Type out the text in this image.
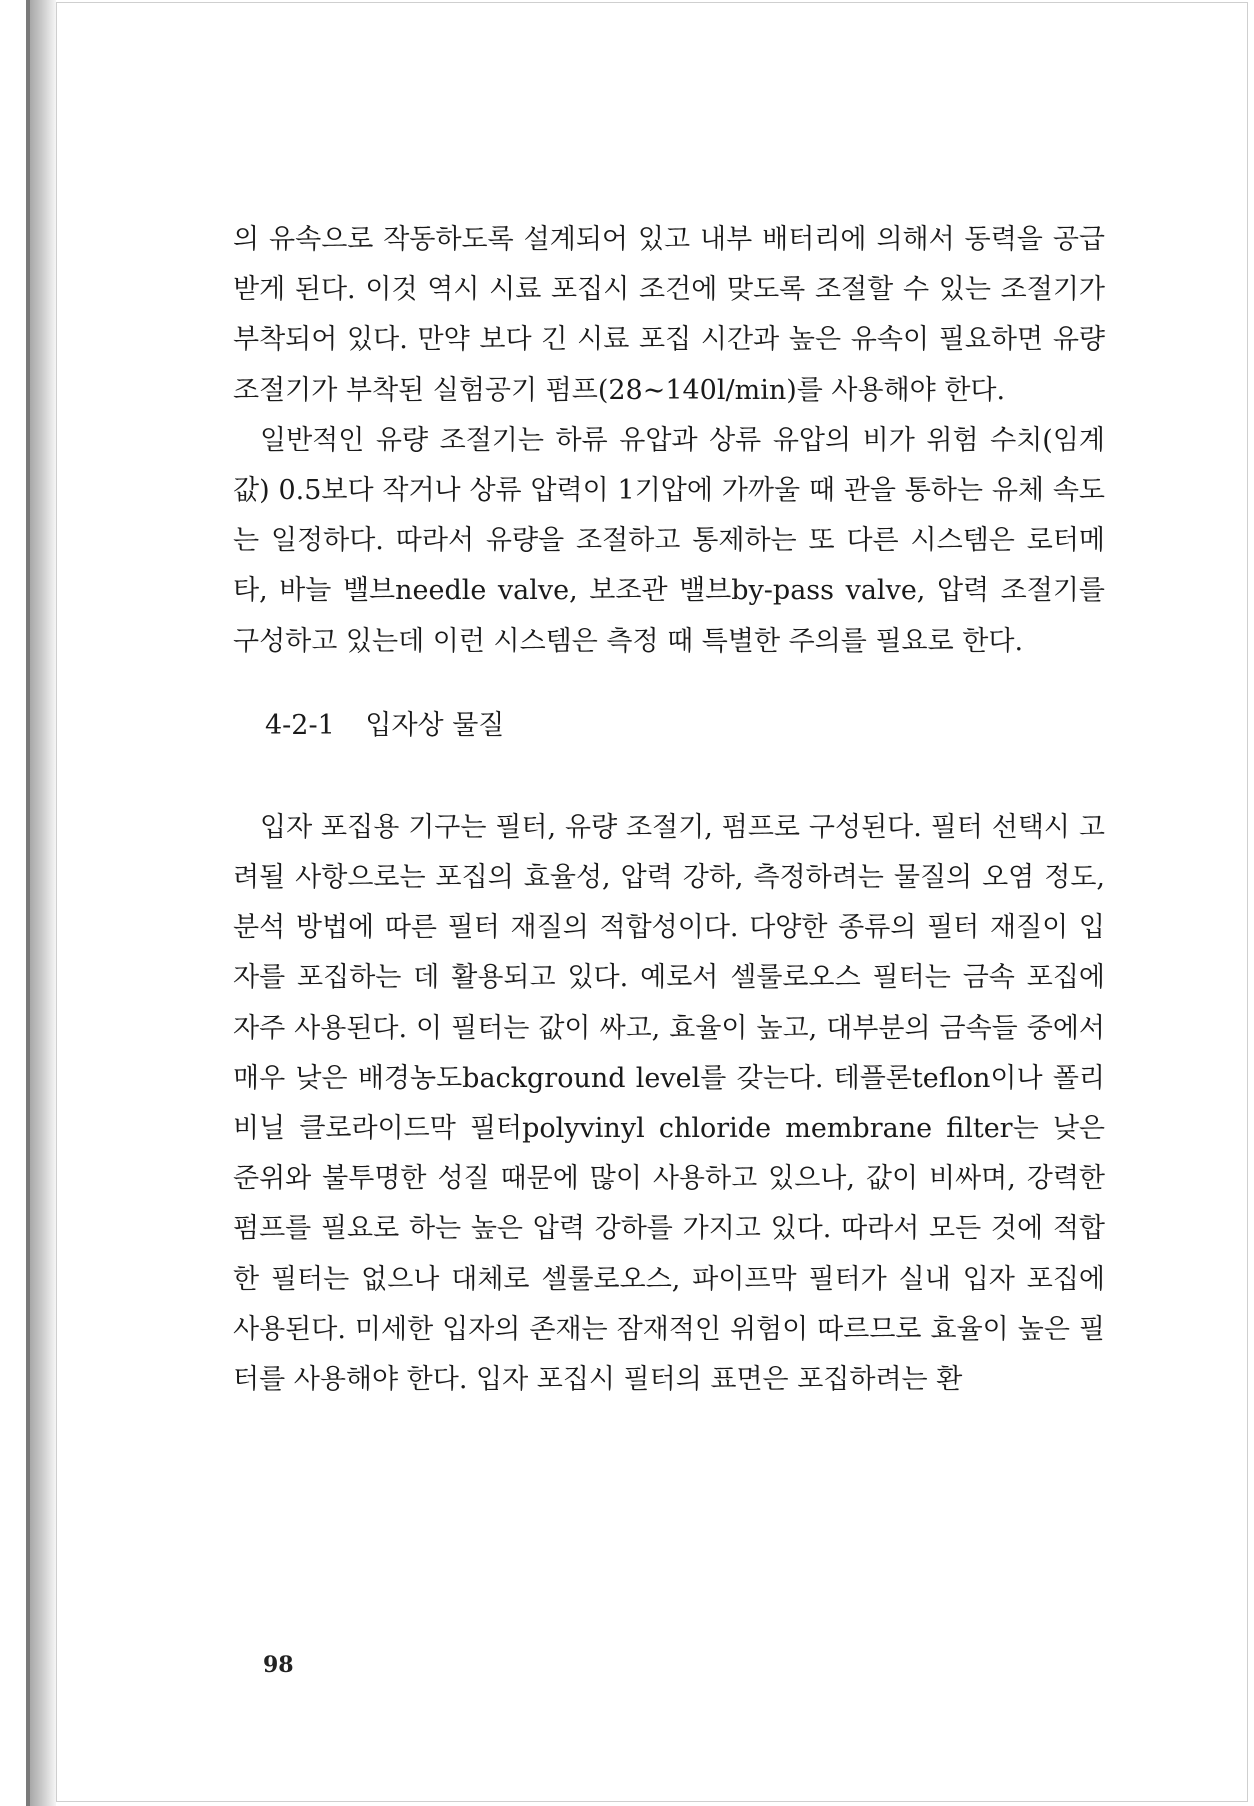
의 유속으로 작동하도록 설계되어 있고 내부 배터리에 의해서 동력을 공급받게 된다. 이것 역시 시료 포집시 조건에 맞도록 조절할 수 있는 조절기가 부착되어 있다. 만약 보다 긴 시료 포집 시간과 높은 유속이 필요하면 유량 조절기가 부착된 실험공기 펌프(28∼140l/min)를 사용해야 한다.

일반적인 유량 조절기는 하류 유압과 상류 유압의 비가 위험 수치(임계값) 0.5보다 작거나 상류 압력이 1기압에 가까울 때 관을 통하는 유체 속도는 일정하다. 따라서 유량을 조절하고 통제하는 또 다른 시스템은 로터메타, 바늘 밸브needle valve, 보조관 밸브by-pass valve, 압력 조절기를 구성하고 있는데 이런 시스템은 측정 때 특별한 주의를 필요로 한다.

4-2-1 입자상 물질

입자 포집용 기구는 필터, 유량 조절기, 펌프로 구성된다. 필터 선택시 고려될 사항으로는 포집의 효율성, 압력 강하, 측정하려는 물질의 오염 정도, 분석 방법에 따른 필터 재질의 적합성이다. 다양한 종류의 필터 재질이 입자를 포집하는 데 활용되고 있다. 예로서 셀룰로오스 필터는 금속 포집에 자주 사용된다. 이 필터는 값이 싸고, 효율이 높고, 대부분의 금속들 중에서 매우 낮은 배경농도background level를 갖는다. 테플론teflon이나 폴리비닐 클로라이드막 필터polyvinyl chloride membrane filter는 낮은 준위와 불투명한 성질 때문에 많이 사용하고 있으나, 값이 비싸며, 강력한 펌프를 필요로 하는 높은 압력 강하를 가지고 있다. 따라서 모든 것에 적합한 필터는 없으나 대체로 셀룰로오스, 파이프막 필터가 실내 입자 포집에 사용된다. 미세한 입자의 존재는 잠재적인 위험이 따르므로 효율이 높은 필터를 사용해야 한다. 입자 포집시 필터의 표면은 포집하려는 환

98
